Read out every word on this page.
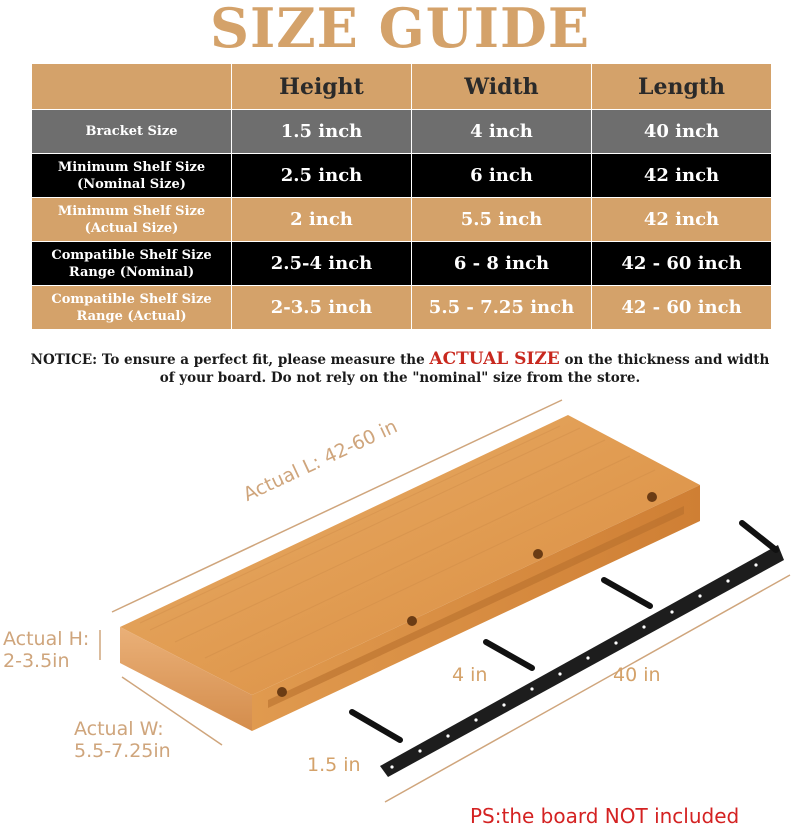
SIZE GUIDE
	Height	Width	Length

Bracket Size	1.5 inch	4 inch	40 inch

Minimum Shelf Size
(Nominal Size)	2.5 inch	6 inch	42 inch

Minimum Shelf Size
(Actual Size)	2 inch	5.5 inch	42 inch

Compatible Shelf Size
Range (Nominal)	2.5-4 inch	6 - 8 inch	42 - 60 inch

Compatible Shelf Size
Range (Actual)	2-3.5 inch	5.5 - 7.25 inch	42 - 60 inch
NOTICE: To ensure a perfect fit, please measure the ACTUAL SIZE on the thickness and width of your board. Do not rely on the "nominal" size from the store.
Actual L: 42-60 in
Actual H:
2-3.5in
Actual W:
5.5-7.25in
4 in	40 in
1.5 in
PS:the board NOT included
